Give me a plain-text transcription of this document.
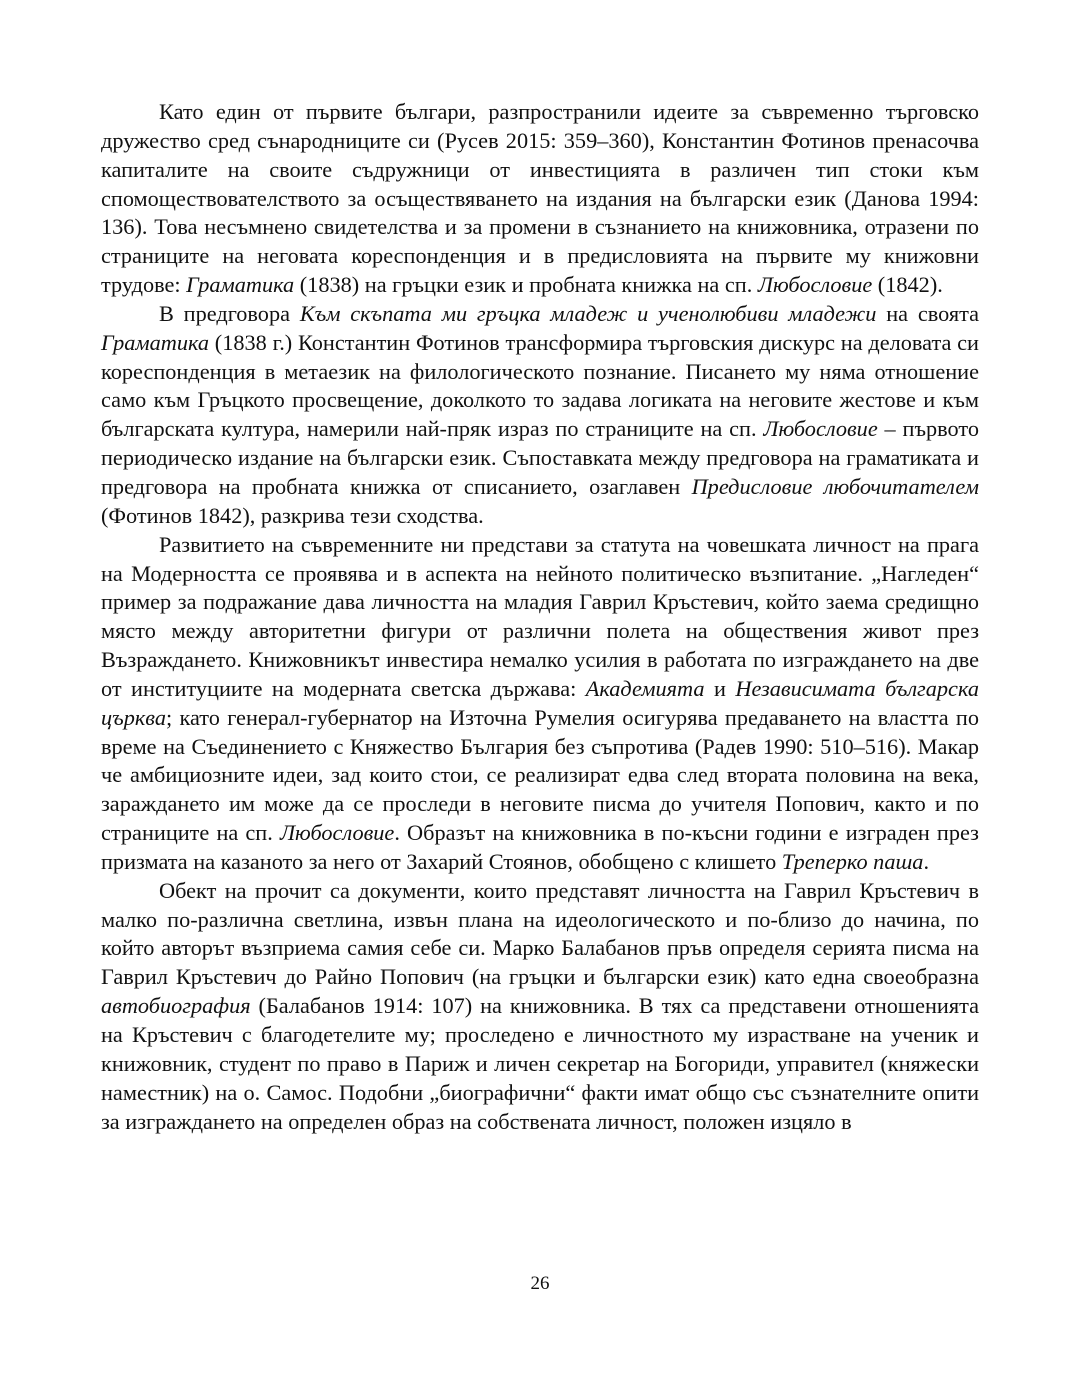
Като един от първите българи, разпространили идеите за съвременно търговско дружество сред сънародниците си (Русев 2015: 359–360), Константин Фотинов пренасочва капиталите на своите съдружници от инвестицията в различен тип стоки към спомоществователството за осъществяването на издания на български език (Данова 1994: 136). Това несъмнено свидетелства и за промени в съзнанието на книжовника, отразени по страниците на неговата кореспонденция и в предисловията на първите му книжовни трудове: Граматика (1838) на гръцки език и пробната книжка на сп. Любословие (1842).

В предговора Към скъпата ми гръцка младеж и ученолюбиви младежи на своята Граматика (1838 г.) Константин Фотинов трансформира търговския дискурс на деловата си кореспонденция в метаезик на филологическото познание. Писането му няма отношение само към Гръцкото просвещение, доколкото то задава логиката на неговите жестове и към българската култура, намерили най-пряк израз по страниците на сп. Любословие – първото периодическо издание на български език. Съпоставката между предговора на граматиката и предговора на пробната книжка от списанието, озаглавен Предисловие любочитателем (Фотинов 1842), разкрива тези сходства.

Развитието на съвременните ни представи за статута на човешката личност на прага на Модерността се проявява и в аспекта на нейното политическо възпитание. „Нагледен“ пример за подражание дава личността на младия Гаврил Кръстевич, който заема средищно място между авторитетни фигури от различни полета на обществения живот през Възраждането. Книжовникът инвестира немалко усилия в работата по изграждането на две от институциите на модерната светска държава: Академията и Независимата българска църква; като генерал-губернатор на Източна Румелия осигурява предаването на властта по време на Съединението с Княжество България без съпротива (Радев 1990: 510–516). Макар че амбициозните идеи, зад които стои, се реализират едва след втората половина на века, зараждането им може да се проследи в неговите писма до учителя Попович, както и по страниците на сп. Любословие. Образът на книжовника в по-късни години е изграден през призмата на казаното за него от Захарий Стоянов, обобщено с клишето Треперко паша.

Обект на прочит са документи, които представят личността на Гаврил Кръстевич в малко по-различна светлина, извън плана на идеологическото и по-близо до начина, по който авторът възприема самия себе си. Марко Балабанов пръв определя серията писма на Гаврил Кръстевич до Райно Попович (на гръцки и български език) като една своеобразна автобиография (Балабанов 1914: 107) на книжовника. В тях са представени отношенията на Кръстевич с благодетелите му; проследено е личностното му израстване на ученик и книжовник, студент по право в Париж и личен секретар на Богориди, управител (княжески наместник) на о. Самос. Подобни „биографични“ факти имат общо със съзнателните опити за изграждането на определен образ на собствената личност, положен изцяло в

26
